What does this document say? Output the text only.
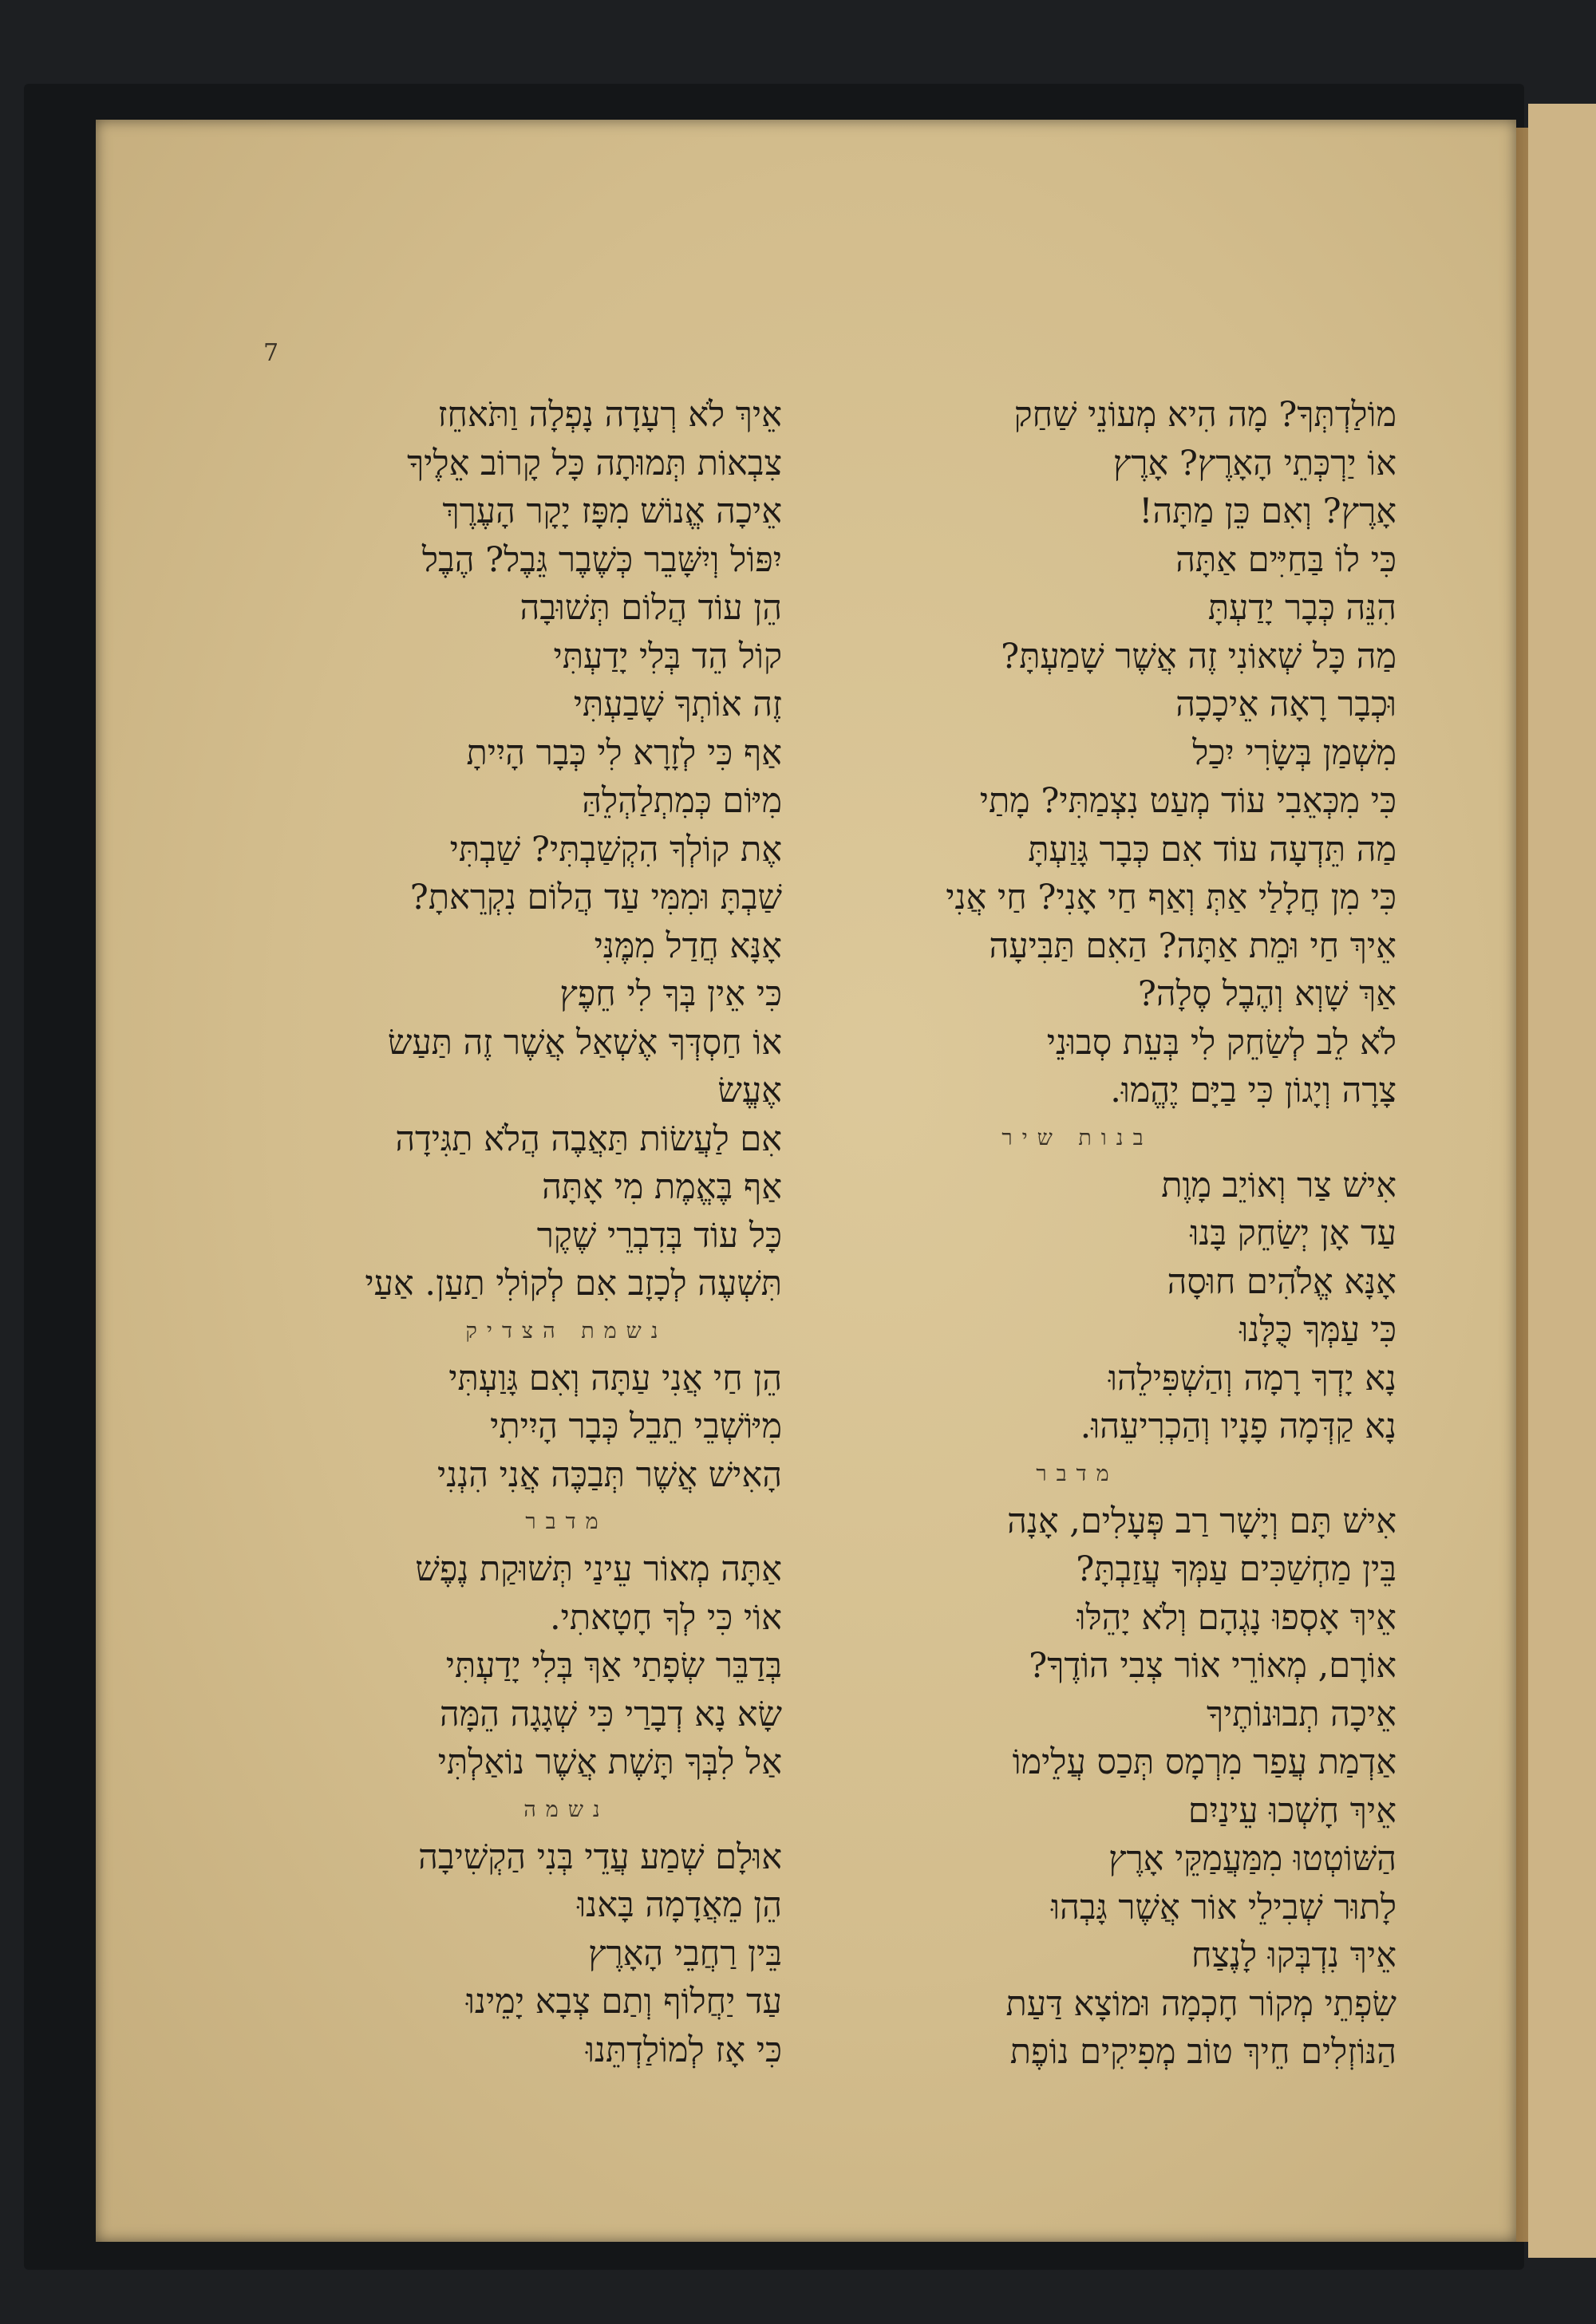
7
מוֹלַדְתְּךָ? מָה הִיא מְעוֹנֵי שַׁחַק
אוֹ יַרְכְּתֵי הָאָרֶץ? אָרֶץ
אָרֶץ? וְאִם כֵּן מַתָּה!
כִּי לוֹ בַּחַיִּים אַתָּה
הִנֵּה כְּבָר יָדַעְתָּ
מַה כָּל שְׁאוֹנִי זֶה אֲשֶׁר שָׁמַעְתָּ?
וּכְבָר רָאָה אֵיכָכָה
מִשְׁמַן בְּשָׂרִי יִכַל
כִּי מִכְּאֵבִי עוֹד מְעַט נִצְמַתִּי? מָתַי
מַה תֵּדְעָה עוֹד אִם כְּבָר גָּוַעְתָּ
כִּי מִן חֲלָלַי אַתְּ וְאַף חַי אָנִי? חַי אֲנִי
אֵיךְ חַי וּמֵת אַתָּה? הַאִם תַּבִּיעָה
אַךְ שָׁוְא וְהֶבֶל סֶלָה?
לֹא לֵב לְשַׂחֵק לִי בְּעֵת סְבוּנֵי
צָרָה וְיָגוֹן כִּי בַיָּם יֶהֱמוּ.
בנות שיר
אִישׁ צַר וְאוֹיֵב מָוֶת
עַד אָן יְשַׂחֵק בָּנוּ
אָנָּא אֱלֹהִים חוּסָה
כִּי עַמְּךָ כֻּלָּנוּ
נָא יָדְךָ רָמָה וְהַשְׁפִּילֵהוּ
נָא קַדְּמָה פָנָיו וְהַכְרִיעֵהוּ.
מדבר
אִישׁ תָּם וְיָשָׁר רַב פְּעָלִים, אָנָה
בֵּין מַחְשַׁכִּים עַמְּךָ עֲזַבְתָּ?
אֵיךְ אָסְפוּ נָגְהָם וְלֹא יָהֵלּוּ
אוֹרָם, מְאוֹרֵי אוֹר צְבִי הוֹדֶךָ?
אֵיכָה תְבוּנוֹתֶיךָ
אַדְמַת עֲפַר מִרְמָס תְּכַס עֲלֵימוֹ
אֵיךְ חָשְׁכוּ עֵינַיִם
הַשּׁוֹטְטוּ מִמַּעֲמַקֵּי אָרֶץ
לָתוּר שְׁבִילֵי אוֹר אֲשֶׁר גָּבְהוּ
אֵיךְ נִדְבְּקוּ לָנֶצַח
שִׂפְתֵי מְקוֹר חָכְמָה וּמוֹצָא דַּעַת
הַנּוֹזְלִים חֵיךְ טוֹב מְפִיקִים נוֹפֶת
אֵיךְ לֹא רְעָדָה נָפְלָה וַתֹּאחֵז
צִבְאוֹת תְּמוּתָה כָּל קָרוֹב אֵלֶיךָ
אֵיכָה אֱנוֹשׁ מִפָּז יָקָר הָעֶרֶךְ
יִפּוֹל וְיִשָּׁבֵר כְּשֶׁבֶר גֵּבֶל? הֶבֶל
הֵן עוֹד הֲלוֹם תְּשׁוּבָה
קוֹל הֵד בְּלִי יָדַעְתִּי
זֶה אוֹתְךָ שָׁבַעְתִּי
אַף כִּי לְזָרָא לִי כְּבָר הָיִיתָ
מִיּוֹם כְּמִתְלַהְלֵהַּ
אֶת קוֹלְךָ הִקְשַׁבְתִּי? שַׁבְתִּי
שַׁבְתָּ וּמִמִּי עַד הֲלוֹם נִקְרֵאתָ?
אָנָּא חֲדַל מִמֶּנִּי
כִּי אֵין בְּךָ לִי חֵפֶץ
אוֹ חַסְדְּךָ אֶשְׁאַל אֲשֶׁר זֶה תַּעַשׂ
אֶעֱשׂ
אִם לַעֲשׂוֹת תַּאֲבֶה הֲלֹא תַגִּידָה
אַף בֶּאֱמֶת מִי אָתָּה
כָּל עוֹד בְּדִבְרֵי שֶׁקֶר
תִּשְׁעֶה לְכָזָב אִם לְקוֹלִי תַעַן. אַעַי
נשמת הצדיק
הֵן חַי אֲנִי עַתָּה וְאִם גָּוַעְתִּי
מִיּוֹשְׁבֵי תֵבֵל כְּבָר הָיִיתִי
הָאִישׁ אֲשֶׁר תְּבַכֶּה אֲנִי הִנְנִי
מדבר
אַתָּה מְאוֹר עֵינַי תְּשׁוּקַת נֶפֶשׁ
אוֹי כִּי לְךָ חָטָאתִי.
בְּדַבֵּר שְׂפָתַי אַךְ בְּלִי יָדַעְתִּי
שָׂא נָא דְבָרַי כִּי שְׁגָגָה הֵמָּה
אַל לִבְּךָ תָּשֶׁת אֲשֶׁר נוֹאַלְתִּי
נשמה
אוּלָם שְׁמַע עֲדֵי בְּנִי הַקְשִׁיבָה
הֵן מֵאֲדָמָה בָּאנוּ
בֵּין רַחֲבֵי הָאָרֶץ
עַד יַחֲלוֹף וְתַם צְבָא יָמֵינוּ
כִּי אָז לְמוֹלַדְתֵּנוּ
